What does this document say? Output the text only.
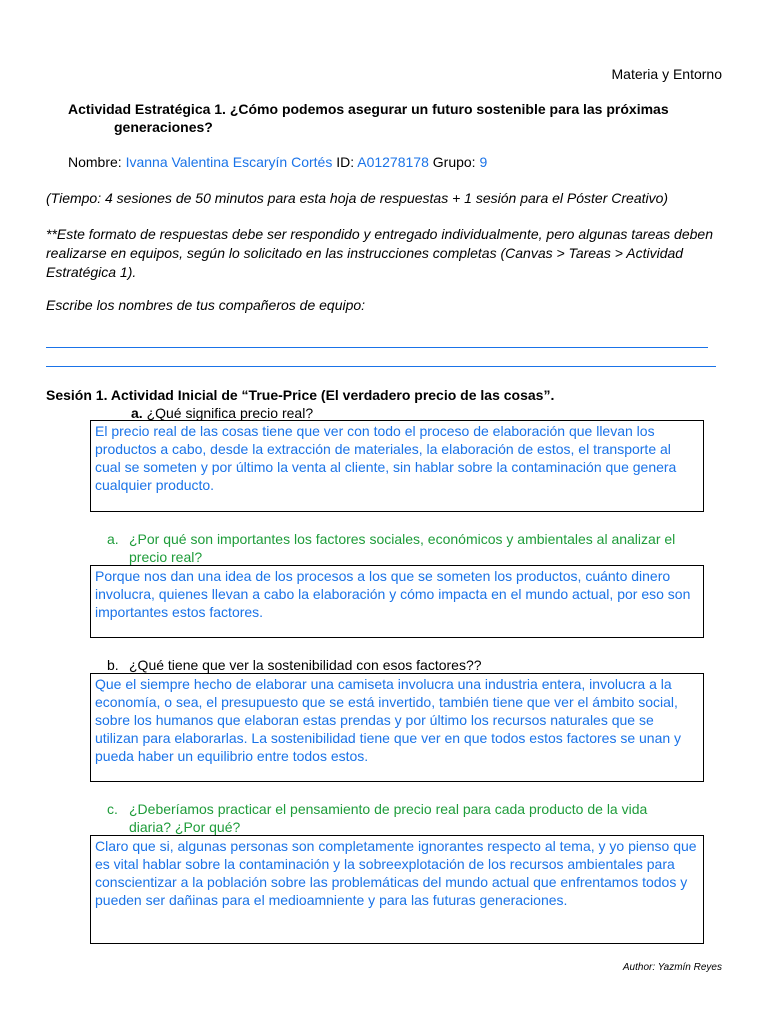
Materia y Entorno
Actividad Estratégica 1. ¿Cómo podemos asegurar un futuro sostenible para las próximas
generaciones?
Nombre: Ivanna Valentina Escaryín Cortés ID: A01278178 Grupo: 9
(Tiempo: 4 sesiones de 50 minutos para esta hoja de respuestas + 1 sesión para el Póster Creativo)
**Este formato de respuestas debe ser respondido y entregado individualmente, pero algunas tareas deben realizarse en equipos, según lo solicitado en las instrucciones completas (Canvas > Tareas > Actividad Estratégica 1).
Escribe los nombres de tus compañeros de equipo:
Sesión 1. Actividad Inicial de “True-Price (El verdadero precio de las cosas”.
a. ¿Qué significa precio real?
El precio real de las cosas tiene que ver con todo el proceso de elaboración que llevan los productos a cabo, desde la extracción de materiales, la elaboración de estos, el transporte al cual se someten y por último la venta al cliente, sin hablar sobre la contaminación que genera cualquier producto.
a. ¿Por qué son importantes los factores sociales, económicos y ambientales al analizar el
precio real?
Porque nos dan una idea de los procesos a los que se someten los productos, cuánto dinero involucra, quienes llevan a cabo la elaboración y cómo impacta en el mundo actual, por eso son importantes estos factores.
b. ¿Qué tiene que ver la sostenibilidad con esos factores??
Que el siempre hecho de elaborar una camiseta involucra una industria entera, involucra a la economía, o sea, el presupuesto que se está invertido, también tiene que ver el ámbito social, sobre los humanos que elaboran estas prendas y por último los recursos naturales que se utilizan para elaborarlas. La sostenibilidad tiene que ver en que todos estos factores se unan y pueda haber un equilibrio entre todos estos.
c. ¿Deberíamos practicar el pensamiento de precio real para cada producto de la vida
diaria? ¿Por qué?
Claro que si, algunas personas son completamente ignorantes respecto al tema, y yo pienso que es vital hablar sobre la contaminación y la sobreexplotación de los recursos ambientales para conscientizar a la población sobre las problemáticas del mundo actual que enfrentamos todos y pueden ser dañinas para el medioamniente y para las futuras generaciones.
Author: Yazmín Reyes
